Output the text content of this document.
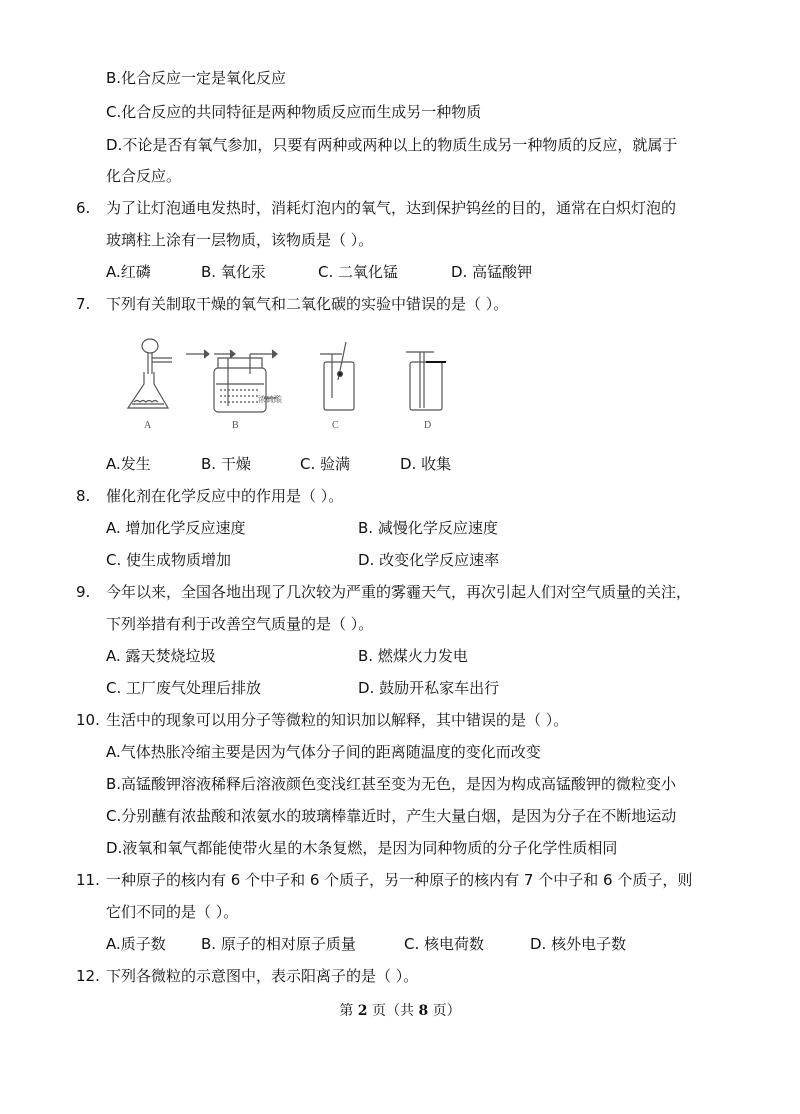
B.化合反应一定是氧化反应
C.化合反应的共同特征是两种物质反应而生成另一种物质
D.不论是否有氧气参加，只要有两种或两种以上的物质生成另一种物质的反应，就属于
化合反应。
6. 为了让灯泡通电发热时，消耗灯泡内的氧气，达到保护钨丝的目的，通常在白炽灯泡的
玻璃柱上涂有一层物质，该物质是（ ）。
A.红磷	B. 氧化汞	C. 二氧化锰	D. 高锰酸钾
7. 下列有关制取干燥的氧气和二氧化碳的实验中错误的是（ ）。
浓硫酸
A	B	C	D
A.发生	B. 干燥	C. 验满	D. 收集
8. 催化剂在化学反应中的作用是（ ）。
A. 增加化学反应速度	B. 减慢化学反应速度
C. 使生成物质增加	D. 改变化学反应速率
9. 今年以来，全国各地出现了几次较为严重的雾霾天气，再次引起人们对空气质量的关注，
下列举措有利于改善空气质量的是（ ）。
A. 露天焚烧垃圾	B. 燃煤火力发电
C. 工厂废气处理后排放	D. 鼓励开私家车出行
10. 生活中的现象可以用分子等微粒的知识加以解释，其中错误的是（ ）。
A.气体热胀冷缩主要是因为气体分子间的距离随温度的变化而改变
B.高锰酸钾溶液稀释后溶液颜色变浅红甚至变为无色，是因为构成高锰酸钾的微粒变小
C.分别蘸有浓盐酸和浓氨水的玻璃棒靠近时，产生大量白烟，是因为分子在不断地运动
D.液氧和氧气都能使带火星的木条复燃，是因为同种物质的分子化学性质相同
11. 一种原子的核内有 6 个中子和 6 个质子，另一种原子的核内有 7 个中子和 6 个质子，则
它们不同的是（ ）。
A.质子数 B. 原子的相对原子质量	C. 核电荷数	D. 核外电子数
12. 下列各微粒的示意图中，表示阳离子的是（ ）。
第 2 页（共 8 页）
